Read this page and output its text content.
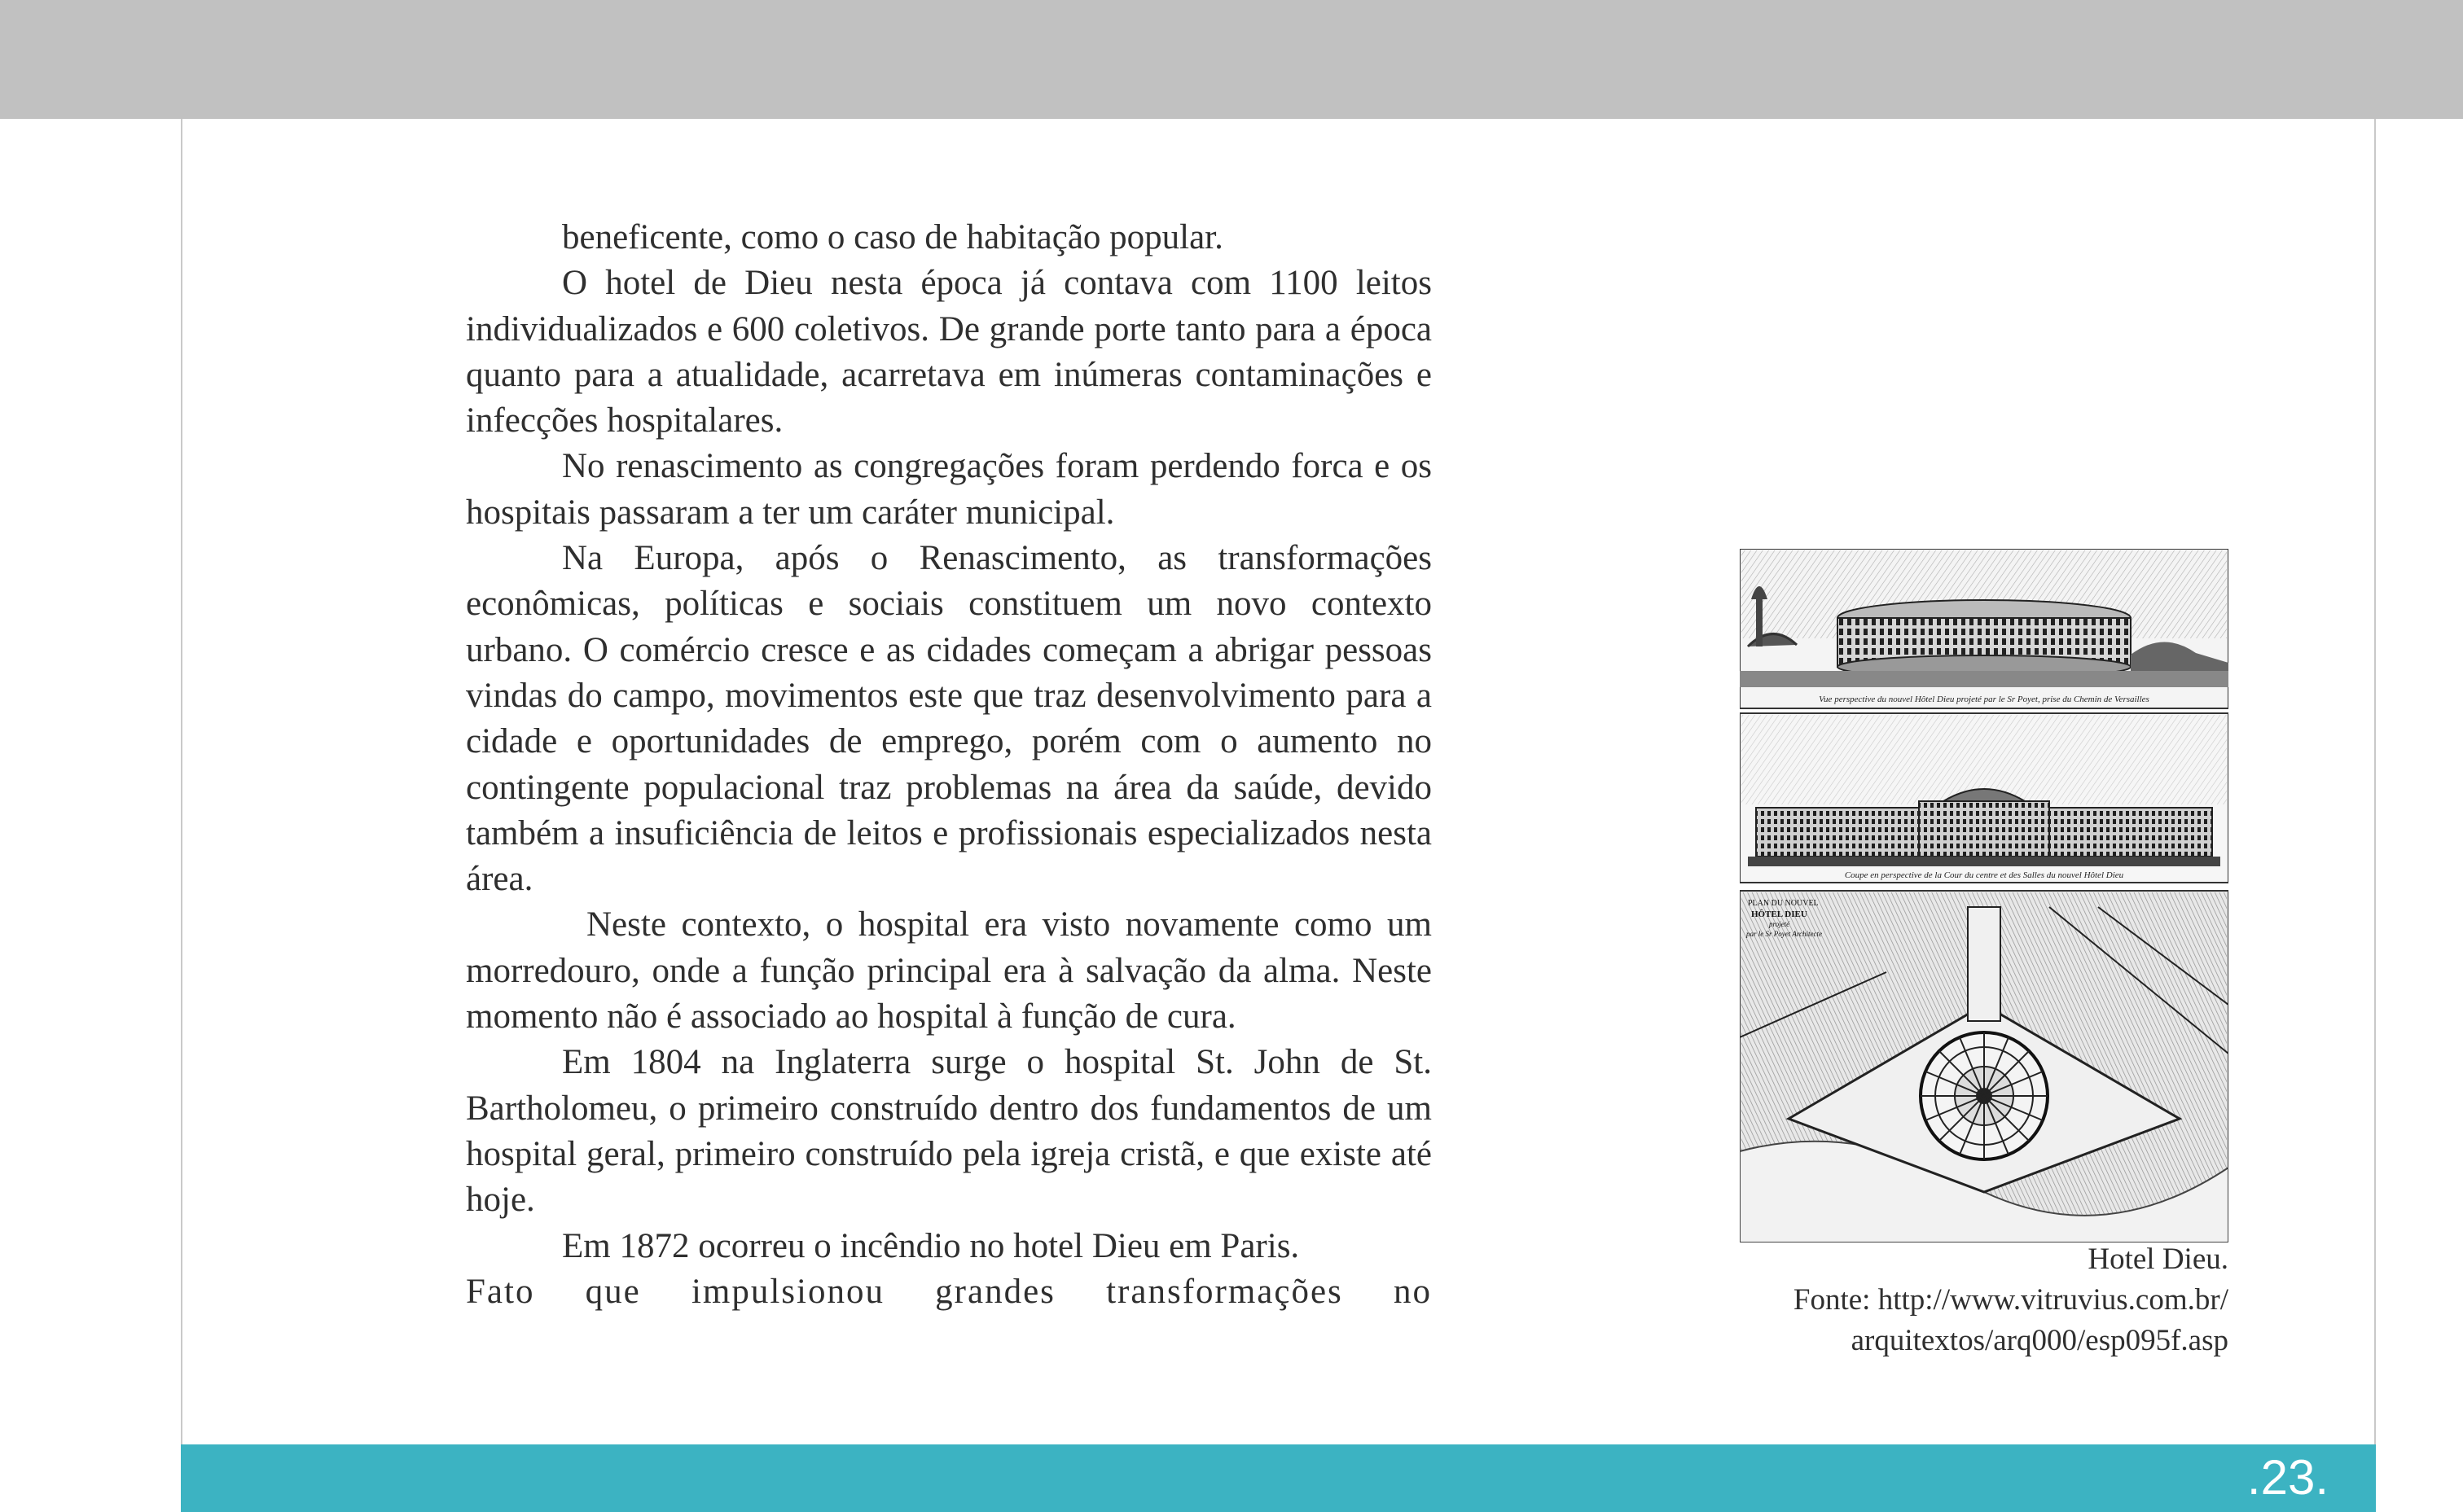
beneficente, como o caso de habitação popular.

O hotel de Dieu nesta época já contava com 1100 leitos individualizados e 600 coletivos. De grande porte tanto para a época quanto para a atualidade, acarretava em inúmeras contaminações e infecções hospitalares.

No renascimento as congregações foram perdendo forca e os hospitais passaram a ter um caráter municipal.

Na Europa, após o Renascimento, as transformações econômicas, políticas e sociais constituem um novo contexto urbano. O comércio cresce e as cidades começam a abrigar pessoas vindas do campo, movimentos este que traz desenvolvimento para a cidade e oportunidades de emprego, porém com o aumento no contingente populacional traz problemas na área da saúde, devido também a insuficiência de leitos e profissionais especializados nesta área.

Neste contexto, o hospital era visto novamente como um morredouro, onde a função principal era à salvação da alma. Neste momento não é associado ao hospital à função de cura.

Em 1804 na Inglaterra surge o hospital St. John de St. Bartholomeu, o primeiro construído dentro dos fundamentos de um hospital geral, primeiro construído pela igreja cristã, e que existe até hoje.

Em 1872 ocorreu o incêndio no hotel Dieu em Paris.

Fato que impulsionou grandes transformações no

Vue perspective du nouvel Hôtel Dieu projeté par le Sr Poyet, prise du Chemin de Versailles
Coupe en perspective de la Cour du centre et des Salles du nouvel Hôtel Dieu
PLAN DU NOUVEL
HÔTEL DIEU
projeté
par le Sr Poyet Architecte
Hotel Dieu.
Fonte: http://www.vitruvius.com.br/
arquitextos/arq000/esp095f.asp
.23.
